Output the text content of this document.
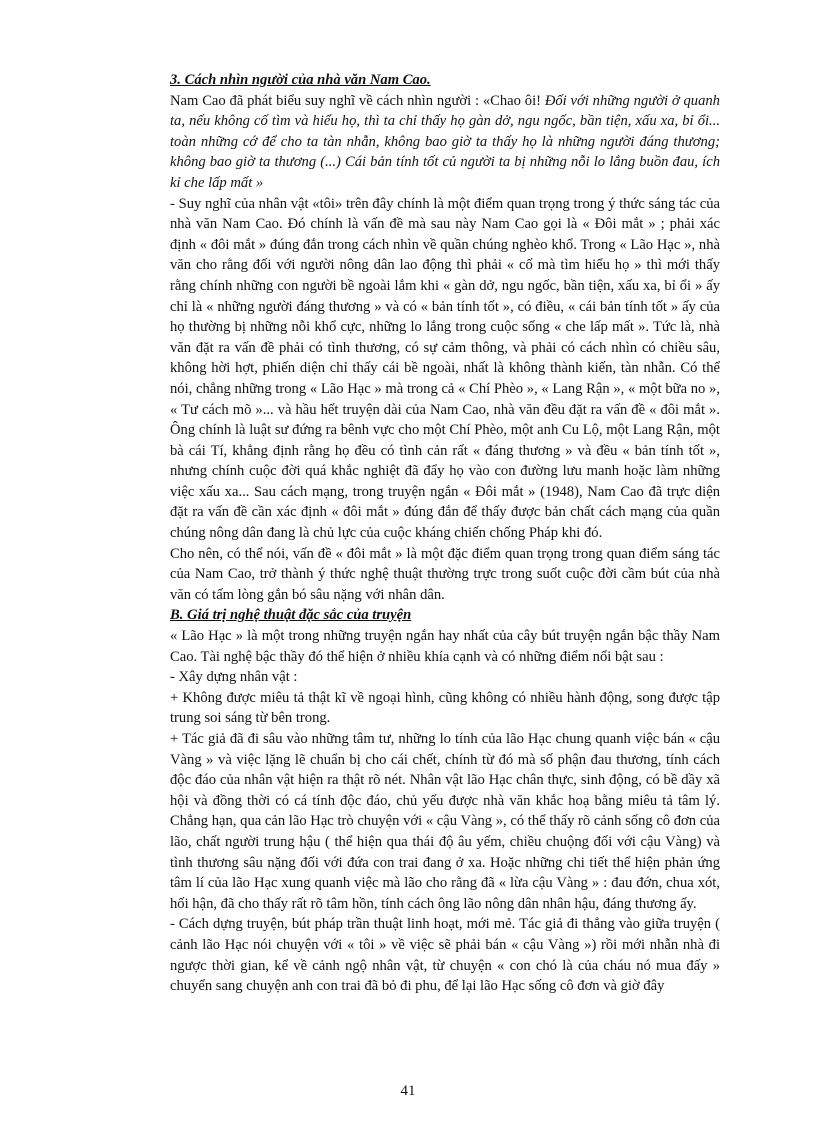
3. Cách nhìn người của nhà văn Nam Cao.

Nam Cao đã phát biểu suy nghĩ về cách nhìn người : «Chao ôi! Đối với những người ở quanh ta, nếu không cố tìm và hiểu họ, thì ta chỉ thấy họ gàn dở, ngu ngốc, bần tiện, xấu xa, bỉ ổi... toàn những cớ để cho ta tàn nhẫn, không bao giờ ta thấy họ là những người đáng thương; không bao giờ ta thương (...) Cái bản tính tốt củ người ta bị những nỗi lo lắng buồn đau, ích kỉ che lấp mất »

- Suy nghĩ của nhân vật «tôi» trên đây chính là một điểm quan trọng trong ý thức sáng tác của nhà văn Nam Cao. Đó chính là vấn đề mà sau này Nam Cao gọi là « Đôi mắt » ; phải xác định « đôi mắt » đúng đắn trong cách nhìn về quần chúng nghèo khổ. Trong « Lão Hạc », nhà văn cho rằng đối với người nông dân lao động thì phải « cố mà tìm hiểu họ » thì mới thấy rằng chính những con người bề ngoài lắm khi « gàn dở, ngu ngốc, bần tiện, xấu xa, bỉ ổi » ấy chỉ là « những người đáng thương » và có « bản tính tốt », có điều, « cái bản tính tốt » ấy của họ thường bị những nỗi khổ cực, những lo lắng trong cuộc sống « che lấp mất ». Tức là, nhà văn đặt ra vấn đề phải có tình thương, có sự cảm thông, và phải có cách nhìn có chiều sâu, không hời hợt, phiến diện chỉ thấy cái bề ngoài, nhất là không thành kiến, tàn nhẫn. Có thể nói, chẳng những trong « Lão Hạc » mà trong cả « Chí Phèo », « Lang Rận », « một bữa no », « Tư cách mõ »... và hầu hết truyện dài của Nam Cao, nhà văn đều đặt ra vấn đề « đôi mắt ». Ông chính là luật sư đứng ra bênh vực cho một Chí Phèo, một anh Cu Lộ, một Lang Rận, một bà cái Tí, khẳng định rằng họ đều có tình cản rất « đáng thương » và đều « bản tính tốt », nhưng chính cuộc đời quá khắc nghiệt đã đẩy họ vào con đường lưu manh hoặc làm những việc xấu xa... Sau cách mạng, trong truyện ngắn « Đôi mắt » (1948), Nam Cao đã trực diện đặt ra vấn đề cần xác định « đôi mắt » đúng đắn để thấy được bản chất cách mạng của quần chúng nông dân đang là chủ lực của cuộc kháng chiến chống Pháp khi đó.

Cho nên, có thể nói, vấn đề « đôi mắt » là một đặc điểm quan trọng trong quan điểm sáng tác của Nam Cao, trở thành ý thức nghệ thuật thường trực trong suốt cuộc đời cầm bút của nhà văn có tấm lòng gắn bó sâu nặng với nhân dân.

B. Giá trị nghệ thuật đặc sắc của truyện

« Lão Hạc » là một trong những truyện ngắn hay nhất của cây bút truyện ngắn bậc thầy Nam Cao. Tài nghệ bậc thầy đó thể hiện ở nhiều khía cạnh và có những điểm nổi bật sau :

- Xây dựng nhân vật :

+ Không được miêu tả thật kĩ về ngoại hình, cũng không có nhiều hành động, song được tập trung soi sáng từ bên trong.

+ Tác giả đã đi sâu vào những tâm tư, những lo tính của lão Hạc chung quanh việc bán « cậu Vàng » và việc lặng lẽ chuẩn bị cho cái chết, chính từ đó mà số phận đau thương, tính cách độc đáo của nhân vật hiện ra thật rõ nét. Nhân vật lão Hạc chân thực, sinh động, có bề dầy xã hội và đồng thời có cá tính độc đáo, chủ yếu được nhà văn khắc hoạ bằng miêu tả tâm lý. Chẳng hạn, qua cản lão Hạc trò chuyện với « cậu Vàng », có thể thấy rõ cảnh sống cô đơn của lão, chất người trung hậu ( thể hiện qua thái độ âu yếm, chiều chuộng đối với cậu Vàng) và tình thương sâu nặng đối với đứa con trai đang ở xa. Hoặc những chi tiết thể hiện phản ứng tâm lí của lão Hạc xung quanh việc mà lão cho rằng đã « lừa cậu Vàng » : đau đớn, chua xót, hối hận, đã cho thấy rất rõ tâm hồn, tính cách ông lão nông dân nhân hậu, đáng thương ấy.

- Cách dựng truyện, bút pháp trần thuật linh hoạt, mới mẻ. Tác giả đi thẳng vào giữa truyện ( cảnh lão Hạc nói chuyện với « tôi » về việc sẽ phải bán « cậu Vàng ») rồi mới nhẫn nhà đi ngược thời gian, kể về cảnh ngộ nhân vật, từ chuyện « con chó là của cháu nó mua đấy » chuyển sang chuyện anh con trai đã bỏ đi phu, để lại lão Hạc sống cô đơn và giờ đây

41
